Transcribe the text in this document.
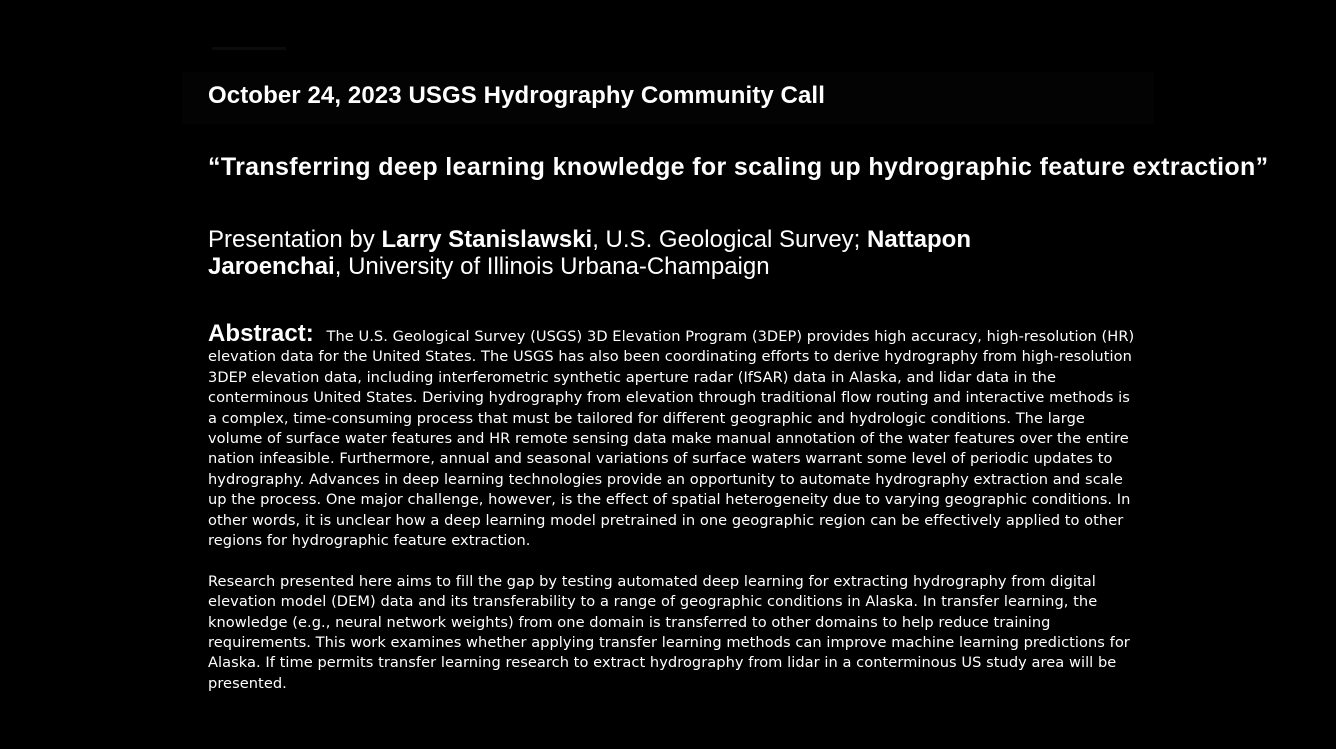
October 24, 2023 USGS Hydrography Community Call
“Transferring deep learning knowledge for scaling up hydrographic feature extraction”
Presentation by Larry Stanislawski, U.S. Geological Survey; Nattapon Jaroenchai, University of Illinois Urbana-Champaign

Abstract: The U.S. Geological Survey (USGS) 3D Elevation Program (3DEP) provides high accuracy, high-resolution (HR) elevation data for the United States. The USGS has also been coordinating efforts to derive hydrography from high-resolution 3DEP elevation data, including interferometric synthetic aperture radar (IfSAR) data in Alaska, and lidar data in the conterminous United States. Deriving hydrography from elevation through traditional flow routing and interactive methods is a complex, time-consuming process that must be tailored for different geographic and hydrologic conditions. The large volume of surface water features and HR remote sensing data make manual annotation of the water features over the entire nation infeasible. Furthermore, annual and seasonal variations of surface waters warrant some level of periodic updates to hydrography. Advances in deep learning technologies provide an opportunity to automate hydrography extraction and scale up the process. One major challenge, however, is the effect of spatial heterogeneity due to varying geographic conditions. In other words, it is unclear how a deep learning model pretrained in one geographic region can be effectively applied to other regions for hydrographic feature extraction.

Research presented here aims to fill the gap by testing automated deep learning for extracting hydrography from digital elevation model (DEM) data and its transferability to a range of geographic conditions in Alaska. In transfer learning, the knowledge (e.g., neural network weights) from one domain is transferred to other domains to help reduce training requirements. This work examines whether applying transfer learning methods can improve machine learning predictions for Alaska. If time permits transfer learning research to extract hydrography from lidar in a conterminous US study area will be presented.
